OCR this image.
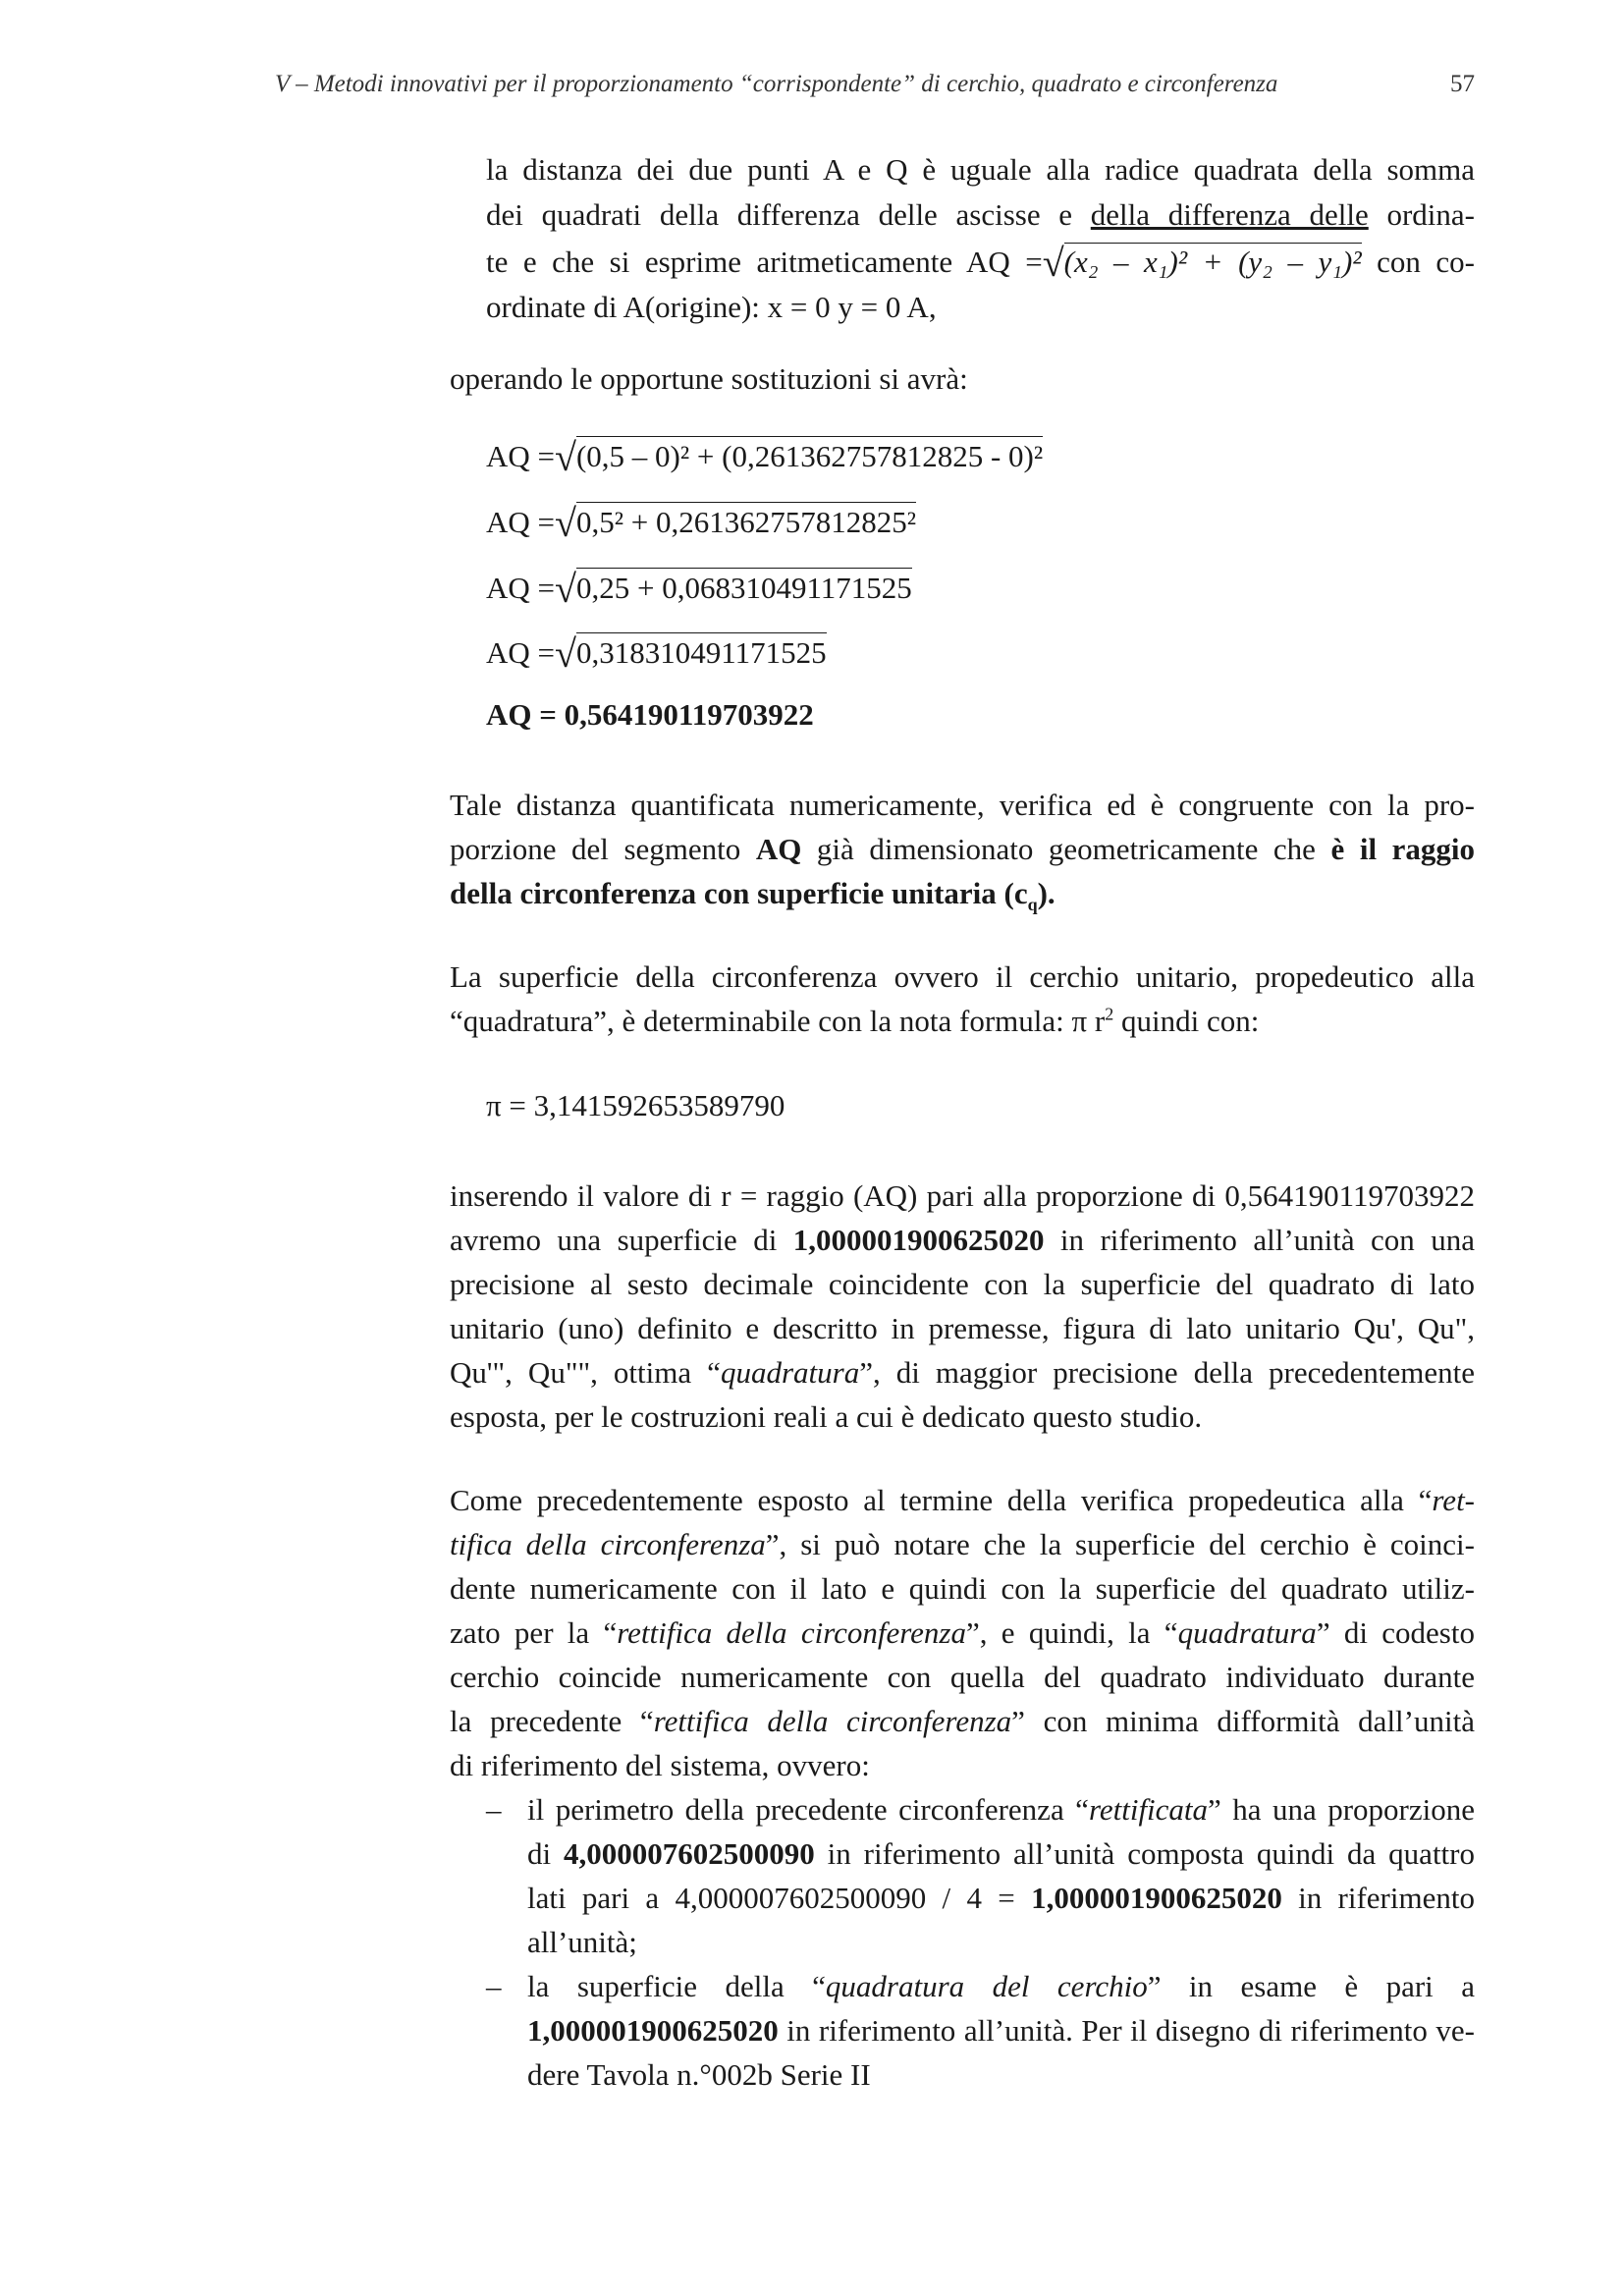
V – Metodi innovativi per il proporzionamento “corrispondente” di cerchio, quadrato e circonferenza	57
la distanza dei due punti A e Q è uguale alla radice quadrata della somma
dei quadrati della differenza delle ascisse e della differenza delle ordina-
te e che si esprime aritmeticamente AQ =√(x₂ – x₁)² + (y₂ – y₁)² con co-
ordinate di A(origine): x = 0 y = 0 A,
operando le opportune sostituzioni si avrà:
AQ =√(0,5 – 0)² + (0,261362757812825 - 0)²
AQ =√0,5² + 0,261362757812825²
AQ =√0,25 + 0,068310491171525
AQ =√0,318310491171525
AQ = 0,564190119703922
Tale distanza quantificata numericamente, verifica ed è congruente con la pro-
porzione del segmento AQ già dimensionato geometricamente che è il raggio
della circonferenza con superficie unitaria $(c_q)$.
La superficie della circonferenza ovvero il cerchio unitario, propedeutico alla
“quadratura”, è determinabile con la nota formula: π $r^2$ quindi con:
π = 3,141592653589790
inserendo il valore di r = raggio (AQ) pari alla proporzione di 0,564190119703922
avremo una superficie di 1,000001900625020 in riferimento all’unità con una
precisione al sesto decimale coincidente con la superficie del quadrato di lato
unitario (uno) definito e descritto in premesse, figura di lato unitario Qu', Qu",
Qu'", Qu"", ottima “quadratura”, di maggior precisione della precedentemente
esposta, per le costruzioni reali a cui è dedicato questo studio.
Come precedentemente esposto al termine della verifica propedeutica alla “ret-
tifica della circonferenza”, si può notare che la superficie del cerchio è coinci-
dente numericamente con il lato e quindi con la superficie del quadrato utiliz-
zato per la “rettifica della circonferenza”, e quindi, la “quadratura” di codesto
cerchio coincide numericamente con quella del quadrato individuato durante
la precedente “rettifica della circonferenza” con minima difformità dall’unità
di riferimento del sistema, ovvero:
– il perimetro della precedente circonferenza “rettificata” ha una proporzione
di 4,000007602500090 in riferimento all’unità composta quindi da quattro
lati pari a 4,000007602500090 / 4 = 1,000001900625020 in riferimento
all’unità;
– la superficie della “quadratura del cerchio” in esame è pari a
1,000001900625020 in riferimento all’unità. Per il disegno di riferimento ve-
dere Tavola n.°002b Serie II
